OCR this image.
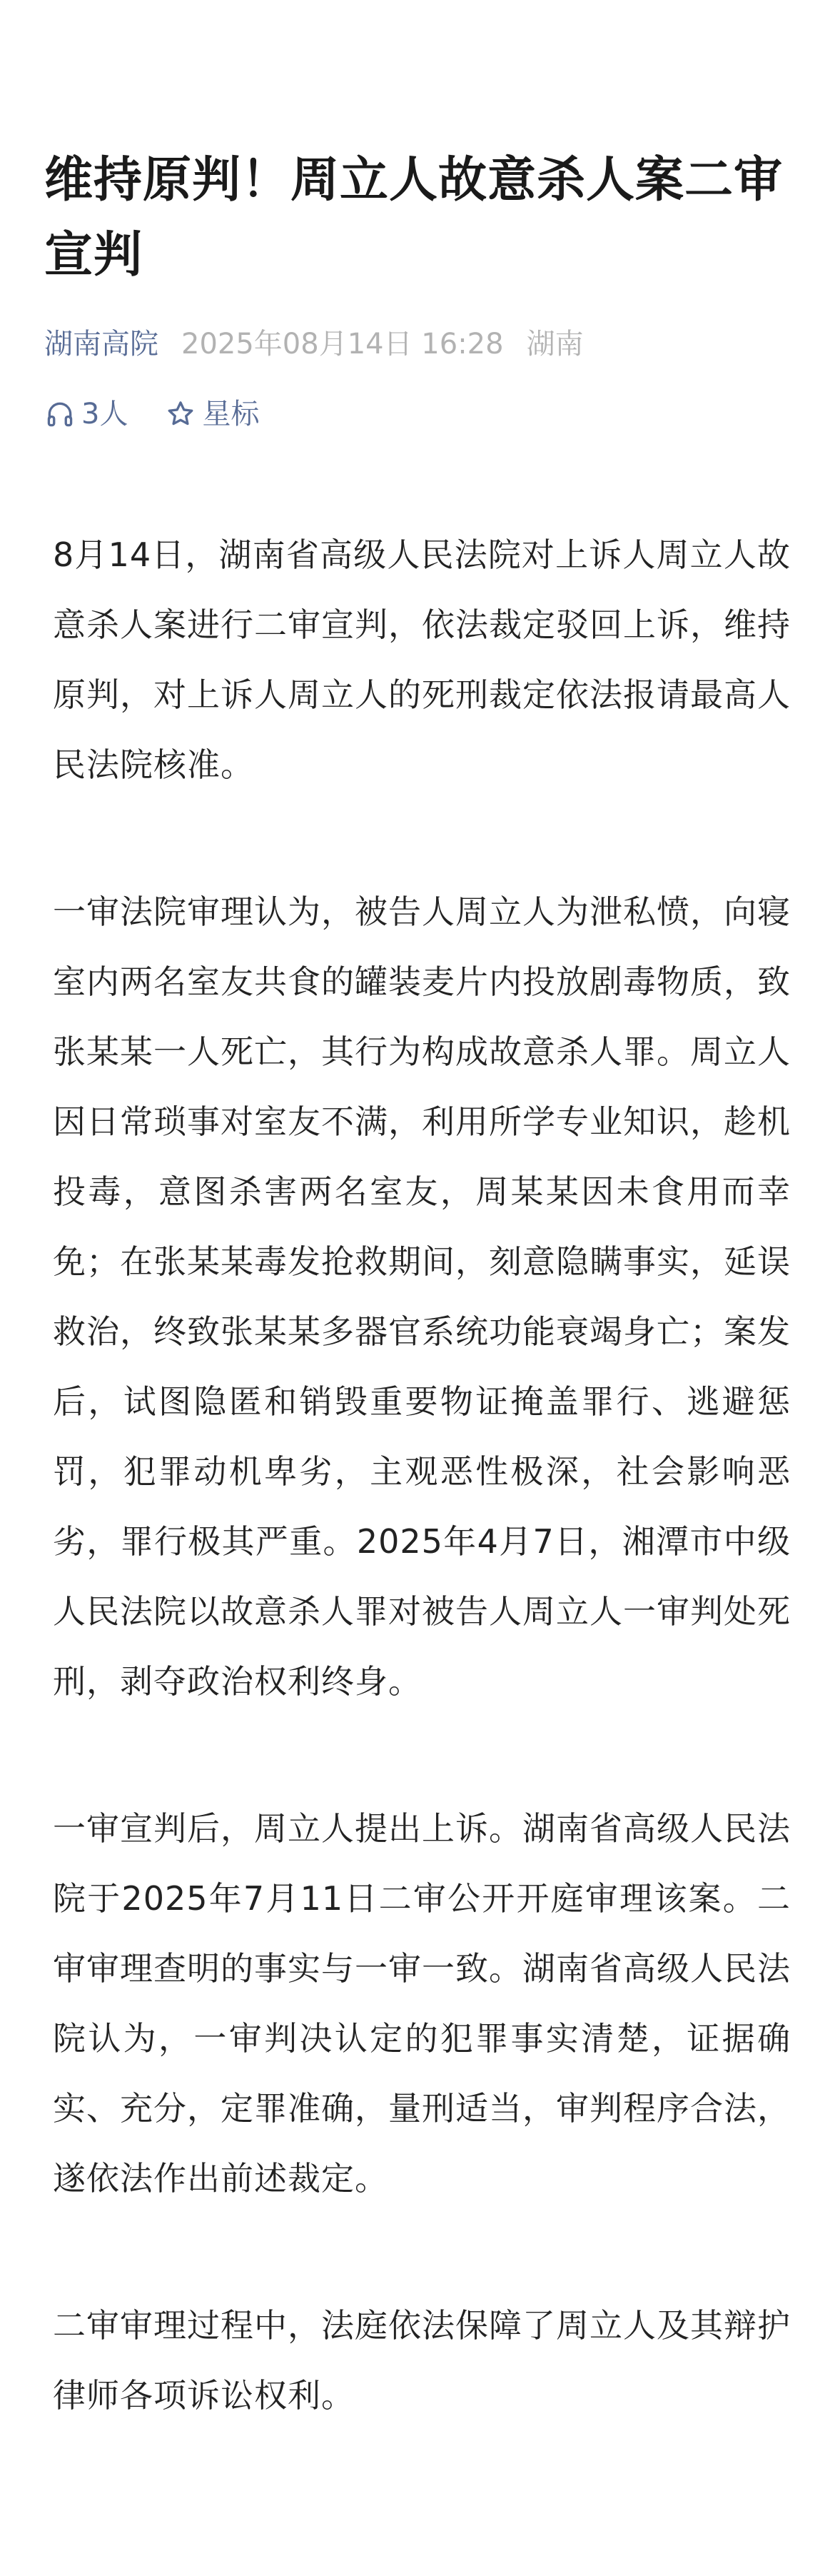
维持原判！周立人故意杀人案二审宣判
湖南高院 2025年08月14日 16:28 湖南
3人	星标

8月14日，湖南省高级人民法院对上诉人周立人故意杀人案进行二审宣判，依法裁定驳回上诉，维持原判，对上诉人周立人的死刑裁定依法报请最高人民法院核准。

一审法院审理认为，被告人周立人为泄私愤，向寝室内两名室友共食的罐装麦片内投放剧毒物质，致张某某一人死亡，其行为构成故意杀人罪。周立人因日常琐事对室友不满，利用所学专业知识，趁机投毒，意图杀害两名室友，周某某因未食用而幸免；在张某某毒发抢救期间，刻意隐瞒事实，延误救治，终致张某某多器官系统功能衰竭身亡；案发后，试图隐匿和销毁重要物证掩盖罪行、逃避惩罚，犯罪动机卑劣，主观恶性极深，社会影响恶劣，罪行极其严重。2025年4月7日，湘潭市中级人民法院以故意杀人罪对被告人周立人一审判处死刑，剥夺政治权利终身。

一审宣判后，周立人提出上诉。湖南省高级人民法院于2025年7月11日二审公开开庭审理该案。二审审理查明的事实与一审一致。湖南省高级人民法院认为，一审判决认定的犯罪事实清楚，证据确实、充分，定罪准确，量刑适当，审判程序合法，遂依法作出前述裁定。

二审审理过程中，法庭依法保障了周立人及其辩护律师各项诉讼权利。
